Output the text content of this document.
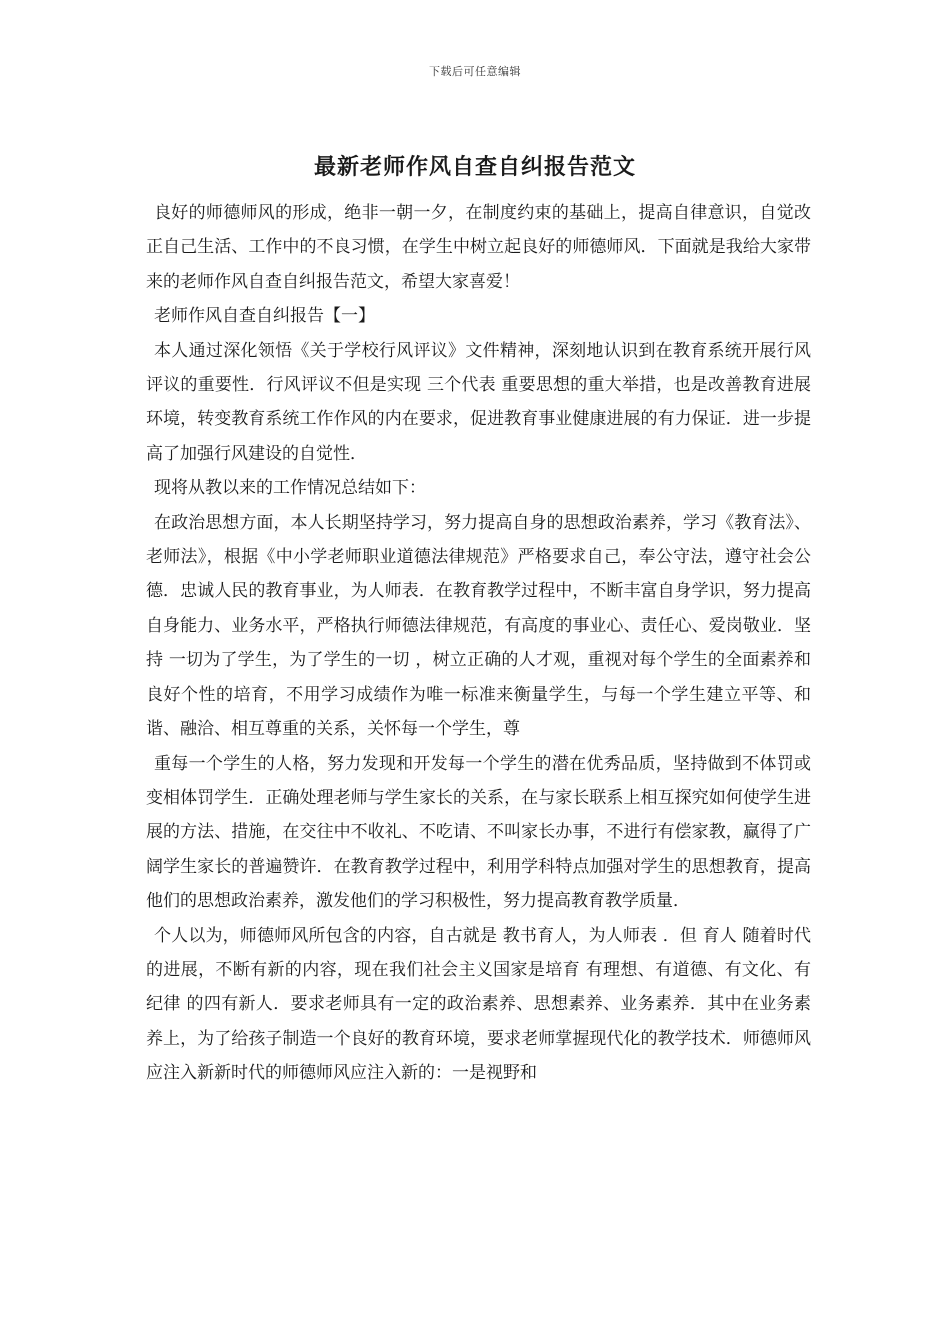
下载后可任意编辑
最新老师作风自查自纠报告范文

良好的师德师风的形成，绝非一朝一夕，在制度约束的基础上，提高自律意识，自觉改正自己生活、工作中的不良习惯，在学生中树立起良好的师德师风．下面就是我给大家带来的老师作风自查自纠报告范文，希望大家喜爱！

老师作风自查自纠报告【一】

本人通过深化领悟《关于学校行风评议》文件精神，深刻地认识到在教育系统开展行风评议的重要性．行风评议不但是实现 三个代表 重要思想的重大举措，也是改善教育进展环境，转变教育系统工作作风的内在要求，促进教育事业健康进展的有力保证．进一步提高了加强行风建设的自觉性．

现将从教以来的工作情况总结如下：

在政治思想方面，本人长期坚持学习，努力提高自身的思想政治素养，学习《教育法》、老师法》，根据《中小学老师职业道德法律规范》严格要求自己，奉公守法，遵守社会公德．忠诚人民的教育事业，为人师表．在教育教学过程中，不断丰富自身学识，努力提高自身能力、业务水平，严格执行师德法律规范，有高度的事业心、责任心、爱岗敬业．坚持 一切为了学生，为了学生的一切 ，树立正确的人才观，重视对每个学生的全面素养和良好个性的培育，不用学习成绩作为唯一标准来衡量学生，与每一个学生建立平等、和谐、融洽、相互尊重的关系，关怀每一个学生，尊

重每一个学生的人格，努力发现和开发每一个学生的潜在优秀品质，坚持做到不体罚或变相体罚学生．正确处理老师与学生家长的关系，在与家长联系上相互探究如何使学生进展的方法、措施，在交往中不收礼、不吃请、不叫家长办事，不进行有偿家教，赢得了广阔学生家长的普遍赞许．在教育教学过程中，利用学科特点加强对学生的思想教育，提高他们的思想政治素养，激发他们的学习积极性，努力提高教育教学质量．

个人以为，师德师风所包含的内容，自古就是 教书育人，为人师表 ．但 育人 随着时代的进展，不断有新的内容，现在我们社会主义国家是培育 有理想、有道德、有文化、有纪律 的四有新人．要求老师具有一定的政治素养、思想素养、业务素养．其中在业务素养上，为了给孩子制造一个良好的教育环境，要求老师掌握现代化的教学技术．师德师风应注入新新时代的师德师风应注入新的：一是视野和
